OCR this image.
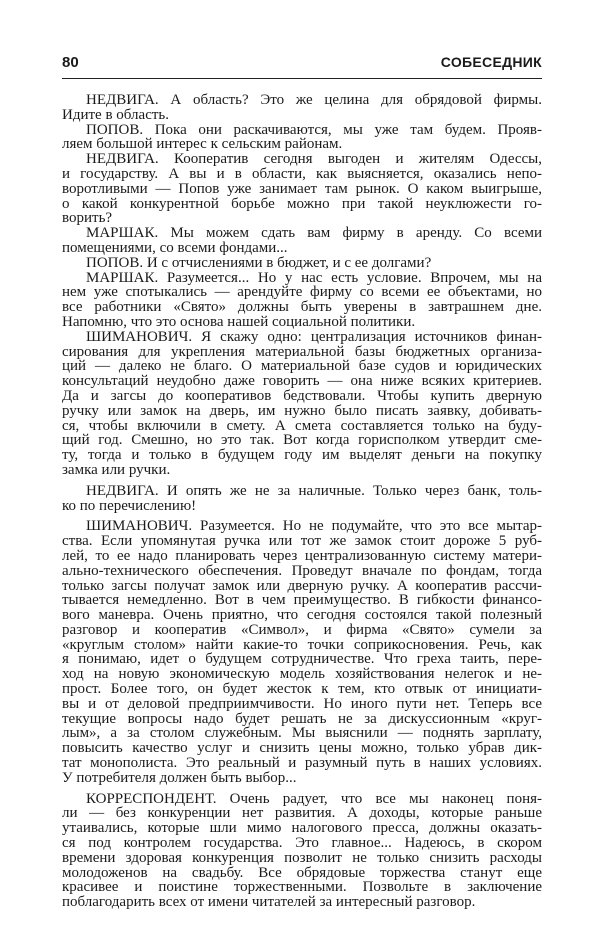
80	СОБЕСЕДНИК
НЕДВИГА. А область? Это же целина для обрядовой фирмы.
Идите в область.
ПОПОВ. Пока они раскачиваются, мы уже там будем. Прояв-
ляем большой интерес к сельским районам.
НЕДВИГА. Кооператив сегодня выгоден и жителям Одессы,
и государству. А вы и в области, как выясняется, оказались непо-
воротливыми — Попов уже занимает там рынок. О каком выигрыше,
о какой конкурентной борьбе можно при такой неуклюжести го-
ворить?
МАРШАК. Мы можем сдать вам фирму в аренду. Со всеми
помещениями, со всеми фондами...
ПОПОВ. И с отчислениями в бюджет, и с ее долгами?
МАРШАК. Разумеется... Но у нас есть условие. Впрочем, мы на
нем уже спотыкались — арендуйте фирму со всеми ее объектами, но
все работники «Свято» должны быть уверены в завтрашнем дне.
Напомню, что это основа нашей социальной политики.
ШИМАНОВИЧ. Я скажу одно: централизация источников финан-
сирования для укрепления материальной базы бюджетных организа-
ций — далеко не благо. О материальной базе судов и юридических
консультаций неудобно даже говорить — она ниже всяких критериев.
Да и загсы до кооперативов бедствовали. Чтобы купить дверную
ручку или замок на дверь, им нужно было писать заявку, добивать-
ся, чтобы включили в смету. А смета составляется только на буду-
щий год. Смешно, но это так. Вот когда горисполком утвердит сме-
ту, тогда и только в будущем году им выделят деньги на покупку
замка или ручки.
НЕДВИГА. И опять же не за наличные. Только через банк, толь-
ко по перечислению!
ШИМАНОВИЧ. Разумеется. Но не подумайте, что это все мытар-
ства. Если упомянутая ручка или тот же замок стоит дороже 5 руб-
лей, то ее надо планировать через централизованную систему матери-
ально-технического обеспечения. Проведут вначале по фондам, тогда
только загсы получат замок или дверную ручку. А кооператив рассчи-
тывается немедленно. Вот в чем преимущество. В гибкости финансо-
вого маневра. Очень приятно, что сегодня состоялся такой полезный
разговор и кооператив «Символ», и фирма «Свято» сумели за
«круглым столом» найти какие-то точки соприкосновения. Речь, как
я понимаю, идет о будущем сотрудничестве. Что греха таить, пере-
ход на новую экономическую модель хозяйствования нелегок и не-
прост. Более того, он будет жесток к тем, кто отвык от инициати-
вы и от деловой предприимчивости. Но иного пути нет. Теперь все
текущие вопросы надо будет решать не за дискуссионным «круг-
лым», а за столом служебным. Мы выяснили — поднять зарплату,
повысить качество услуг и снизить цены можно, только убрав дик-
тат монополиста. Это реальный и разумный путь в наших условиях.
У потребителя должен быть выбор...
КОРРЕСПОНДЕНТ. Очень радует, что все мы наконец поня-
ли — без конкуренции нет развития. А доходы, которые раньше
утаивались, которые шли мимо налогового пресса, должны оказать-
ся под контролем государства. Это главное... Надеюсь, в скором
времени здоровая конкуренция позволит не только снизить расходы
молодоженов на свадьбу. Все обрядовые торжества станут еще
красивее и поистине торжественными. Позвольте в заключение
поблагодарить всех от имени читателей за интересный разговор.
